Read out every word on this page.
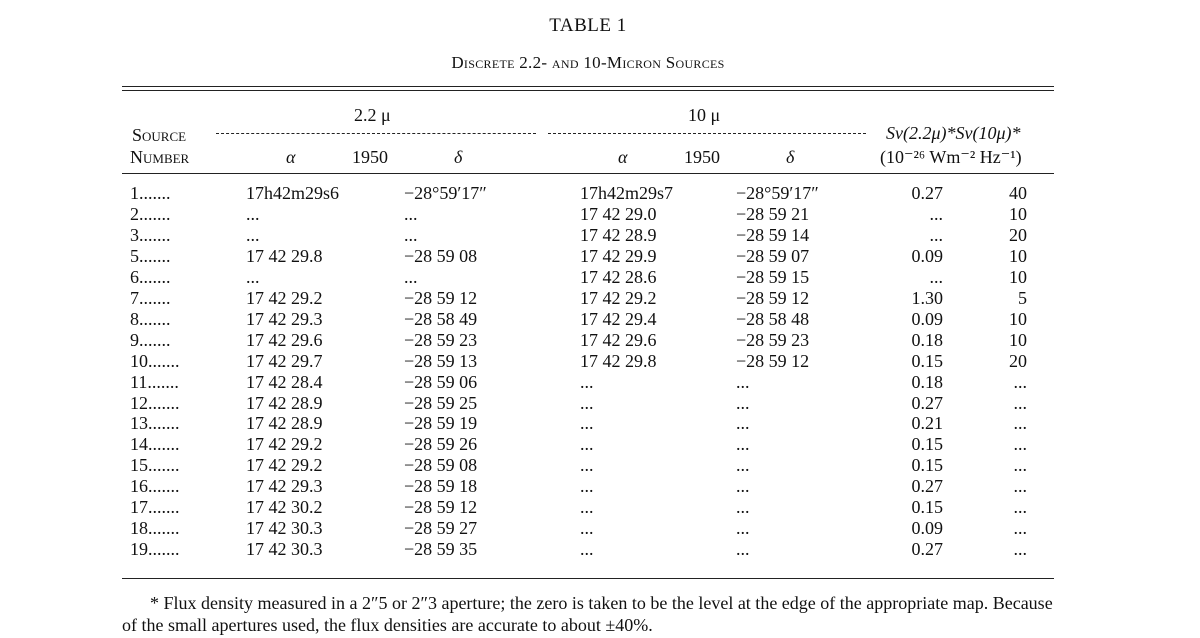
TABLE 1
Discrete 2.2- and 10-Micron Sources
Source
Number
2.2 μ	10 μ
α	1950	δ	α	1950	δ
Sν(2.2μ)*Sν(10μ)*
(10⁻²⁶ Wm⁻² Hz⁻¹)
1.......	17h42m29s6	−28°59′17″	17h42m29s7	−28°59′17″	0.27	40
2.......	...	...	17 42 29.0	−28 59 21	...	10
3.......	...	...	17 42 28.9	−28 59 14	...	20
5.......	17 42 29.8	−28 59 08	17 42 29.9	−28 59 07	0.09	10
6.......	...	...	17 42 28.6	−28 59 15	...	10
7.......	17 42 29.2	−28 59 12	17 42 29.2	−28 59 12	1.30	5
8.......	17 42 29.3	−28 58 49	17 42 29.4	−28 58 48	0.09	10
9.......	17 42 29.6	−28 59 23	17 42 29.6	−28 59 23	0.18	10
10.......	17 42 29.7	−28 59 13	17 42 29.8	−28 59 12	0.15	20
11.......	17 42 28.4	−28 59 06	...	...	0.18	...
12.......	17 42 28.9	−28 59 25	...	...	0.27	...
13.......	17 42 28.9	−28 59 19	...	...	0.21	...
14.......	17 42 29.2	−28 59 26	...	...	0.15	...
15.......	17 42 29.2	−28 59 08	...	...	0.15	...
16.......	17 42 29.3	−28 59 18	...	...	0.27	...
17.......	17 42 30.2	−28 59 12	...	...	0.15	...
18.......	17 42 30.3	−28 59 27	...	...	0.09	...
19.......	17 42 30.3	−28 59 35	...	...	0.27	...
* Flux density measured in a 2″5 or 2″3 aperture; the zero is taken to be the level at the edge of the appropriate map. Because of the small apertures used, the flux densities are accurate to about ±40%.
